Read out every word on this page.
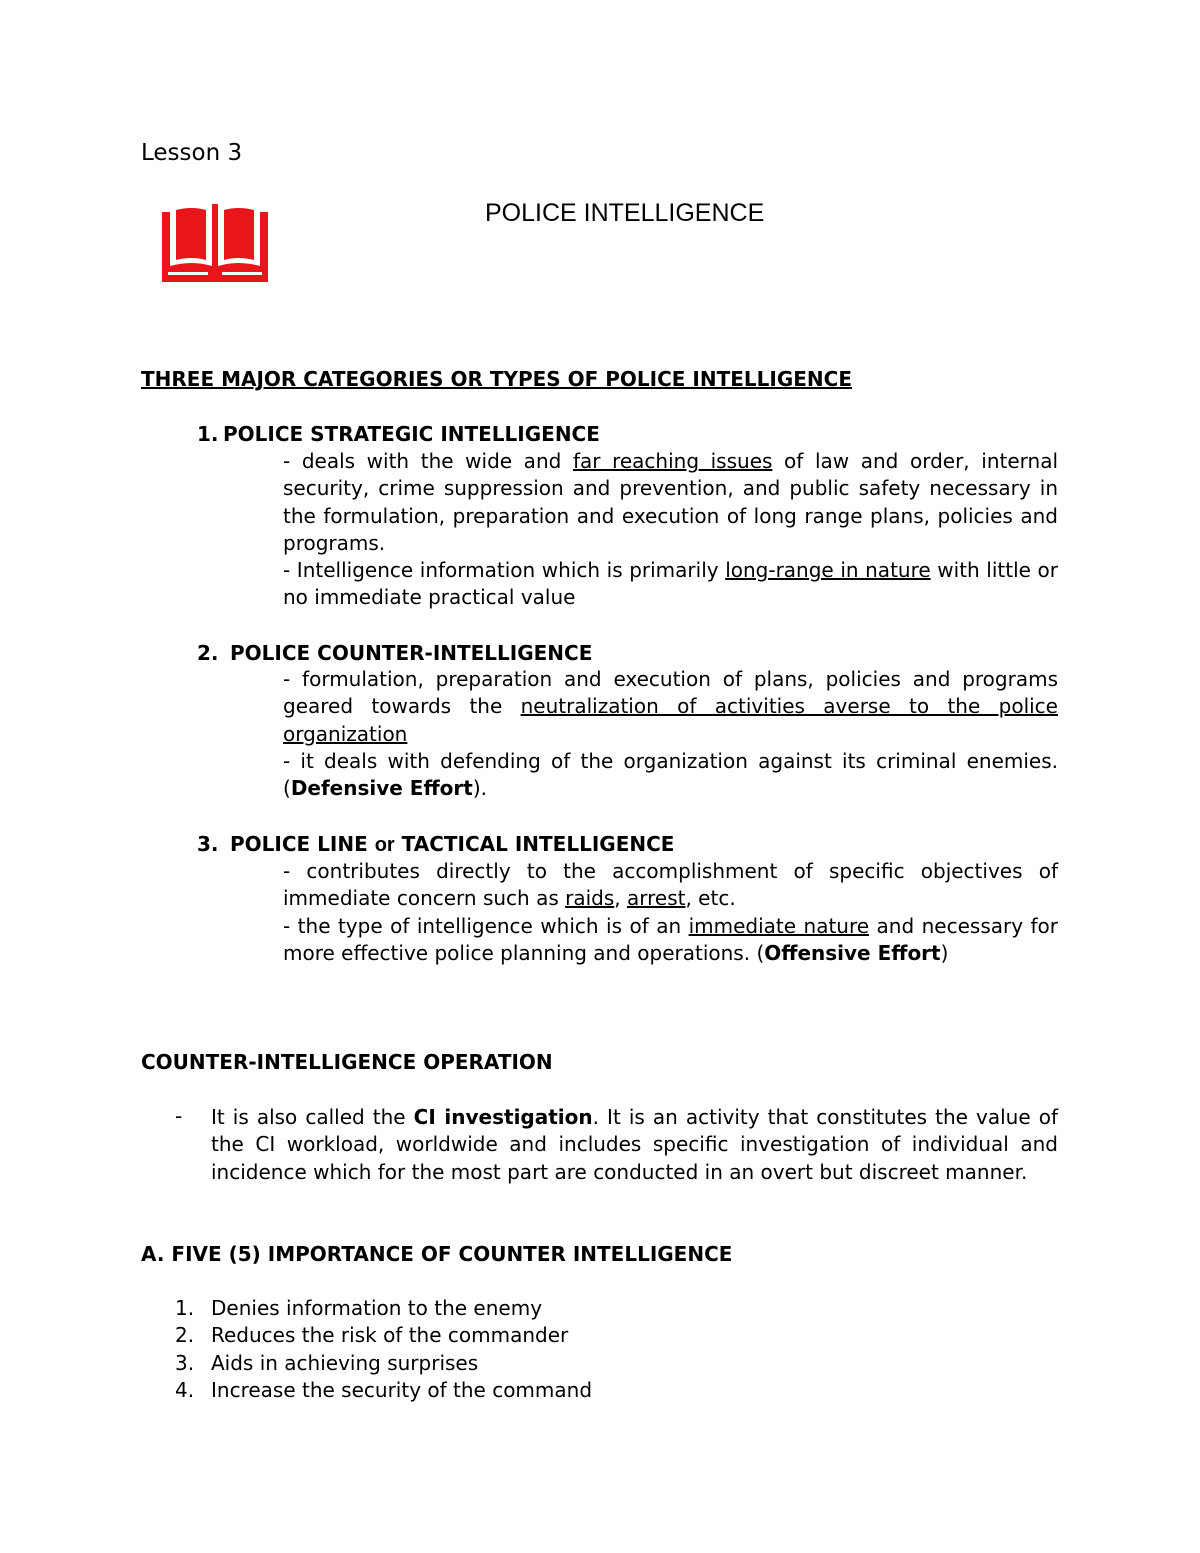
Lesson 3
POLICE INTELLIGENCE
THREE MAJOR CATEGORIES OR TYPES OF POLICE INTELLIGENCE
1. POLICE STRATEGIC INTELLIGENCE
- deals with the wide and far reaching issues of law and order, internal security, crime suppression and prevention, and public safety necessary in the formulation, preparation and execution of long range plans, policies and programs.
- Intelligence information which is primarily long-range in nature with little or no immediate practical value
2. POLICE COUNTER-INTELLIGENCE
- formulation, preparation and execution of plans, policies and programs geared towards the neutralization of activities averse to the police organization
- it deals with defending of the organization against its criminal enemies. (Defensive Effort).
3. POLICE LINE or TACTICAL INTELLIGENCE
- contributes directly to the accomplishment of specific objectives of immediate concern such as raids, arrest, etc.
- the type of intelligence which is of an immediate nature and necessary for more effective police planning and operations. (Offensive Effort)
COUNTER-INTELLIGENCE OPERATION
- It is also called the CI investigation. It is an activity that constitutes the value of the CI workload, worldwide and includes specific investigation of individual and incidence which for the most part are conducted in an overt but discreet manner.
A. FIVE (5) IMPORTANCE OF COUNTER INTELLIGENCE
1. Denies information to the enemy
2. Reduces the risk of the commander
3. Aids in achieving surprises
4. Increase the security of the command
